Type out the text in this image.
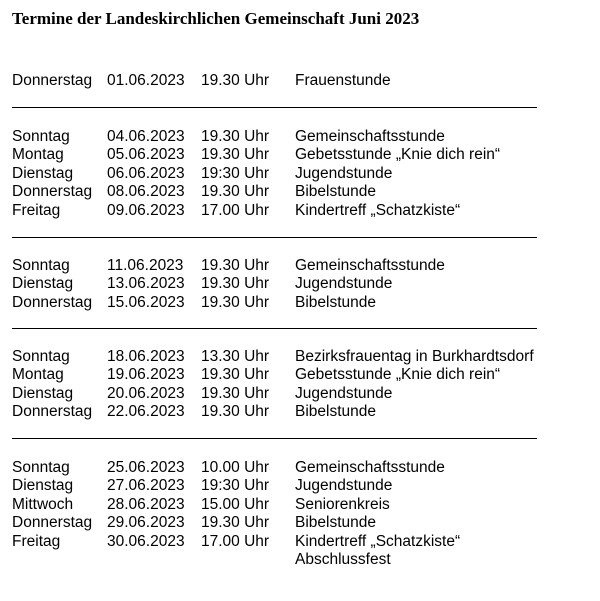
Termine der Landeskirchlichen Gemeinschaft Juni 2023
Donnerstag 01.06.2023 19.30 Uhr Frauenstunde
Sonntag 04.06.2023 19.30 Uhr Gemeinschaftsstunde
Montag	05.06.2023 19.30 Uhr Gebetsstunde „Knie dich rein“
Dienstag 06.06.2023 19:30 Uhr Jugendstunde
Donnerstag 08.06.2023 19.30 Uhr Bibelstunde
Freitag	09.06.2023 17.00 Uhr Kindertreff „Schatzkiste“
Sonntag 11.06.2023 19.30 Uhr Gemeinschaftsstunde
Dienstag 13.06.2023 19.30 Uhr Jugendstunde
Donnerstag 15.06.2023 19.30 Uhr Bibelstunde
Sonntag 18.06.2023 13.30 Uhr Bezirksfrauentag in Burkhardtsdorf
Montag	19.06.2023 19.30 Uhr Gebetsstunde „Knie dich rein“
Dienstag 20.06.2023 19.30 Uhr Jugendstunde
Donnerstag 22.06.2023 19.30 Uhr Bibelstunde
Sonntag 25.06.2023 10.00 Uhr Gemeinschaftsstunde
Dienstag 27.06.2023 19:30 Uhr Jugendstunde
Mittwoch 28.06.2023 15.00 Uhr Seniorenkreis
Donnerstag 29.06.2023 19.30 Uhr Bibelstunde
Freitag	30.06.2023 17.00 Uhr Kindertreff „Schatzkiste“
Abschlussfest
